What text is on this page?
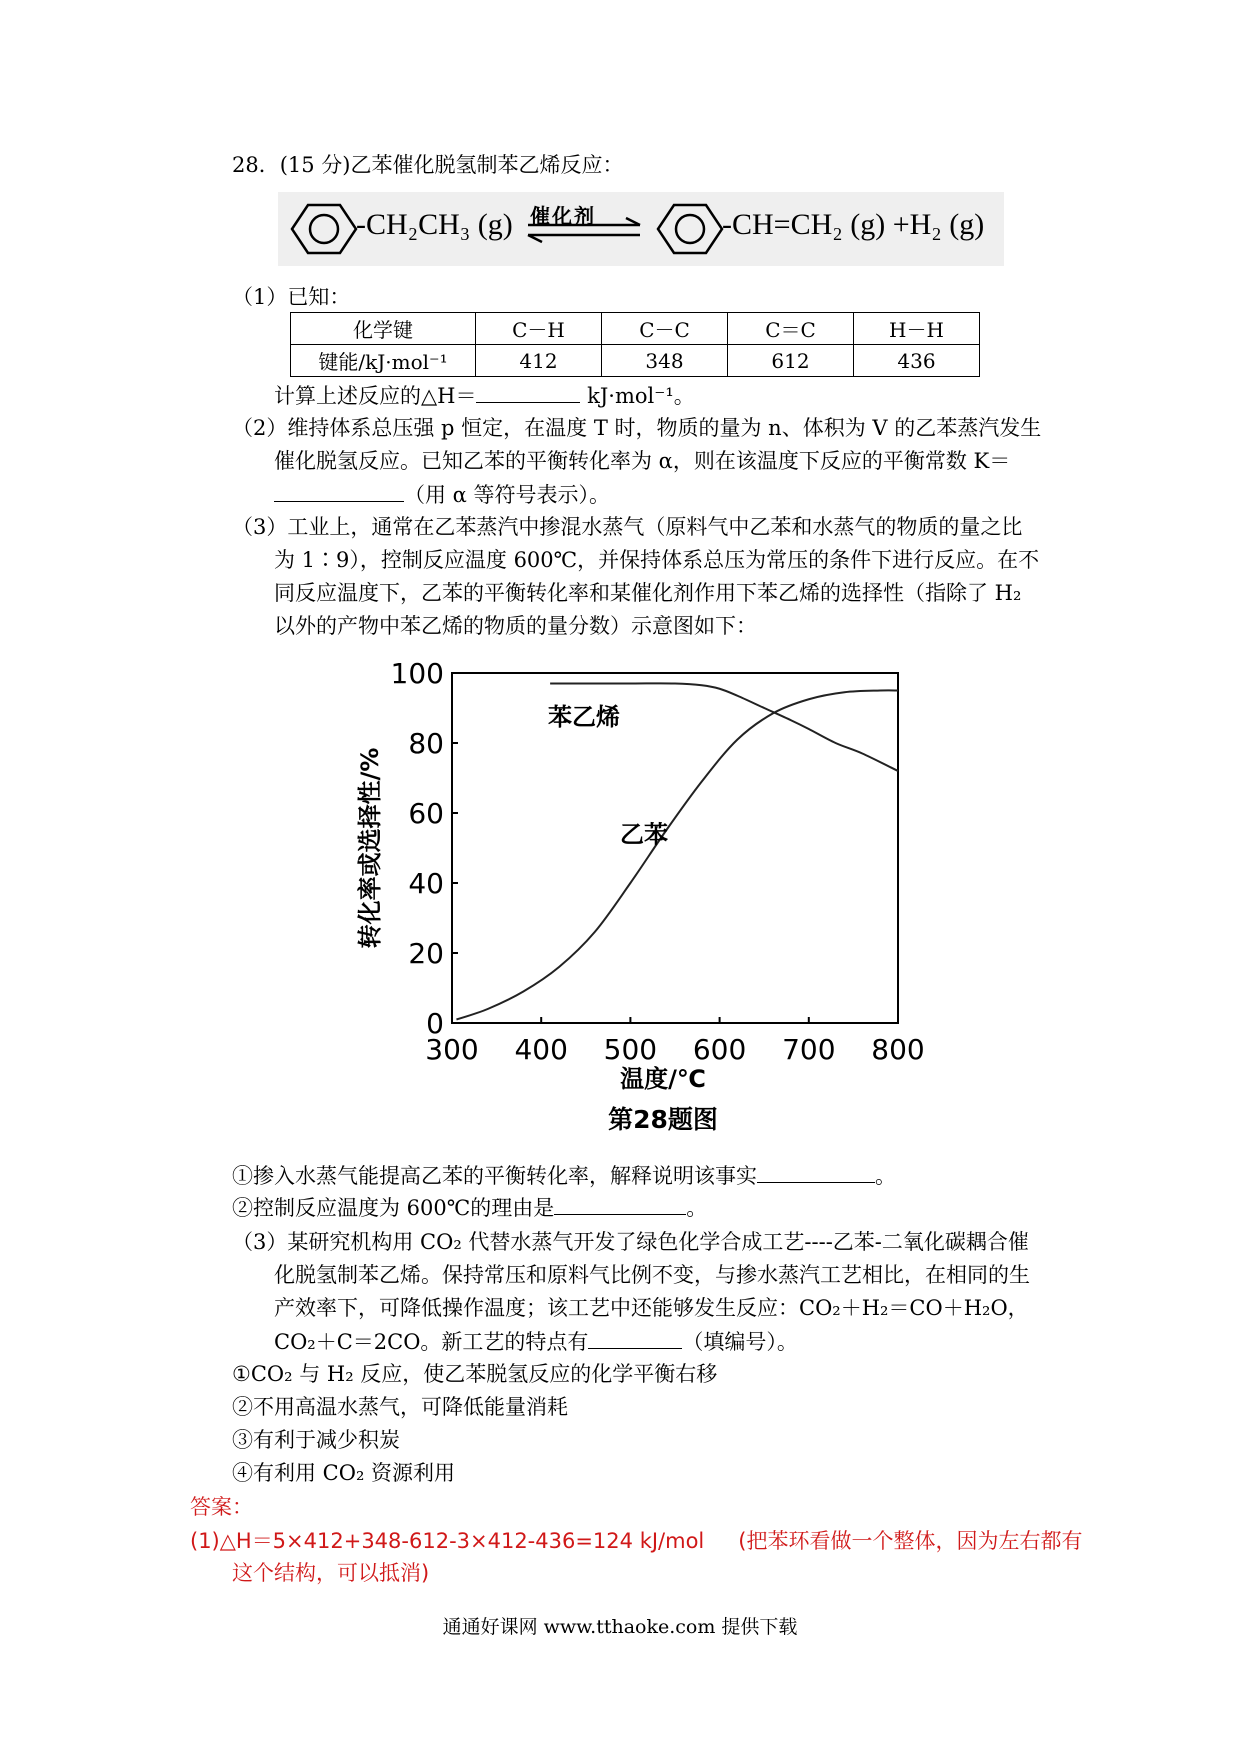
28．(15 分)乙苯催化脱氢制苯乙烯反应：
-CH₂CH₃ (g) 催化剂	-CH=CH₂ (g) +H₂ (g)
（1）已知：
化学键	C－H	C－C	C＝C	H－H
键能/kJ·mol⁻¹	412	348	612	436
计算上述反应的△H＝	kJ·mol⁻¹。
（2）维持体系总压强 p 恒定，在温度 T 时，物质的量为 n、体积为 V 的乙苯蒸汽发生
催化脱氢反应。已知乙苯的平衡转化率为 α，则在该温度下反应的平衡常数 K＝
（用 α 等符号表示）。
（3）工业上，通常在乙苯蒸汽中掺混水蒸气（原料气中乙苯和水蒸气的物质的量之比
为 1∶9），控制反应温度 600℃，并保持体系总压为常压的条件下进行反应。在不
同反应温度下，乙苯的平衡转化率和某催化剂作用下苯乙烯的选择性（指除了 H₂
以外的产物中苯乙烯的物质的量分数）示意图如下：
0
20
40
60
80
100
300 400 500 600 700 800
苯乙烯
乙苯
温度/℃
转化率或选择性/%
第28题图
①掺入水蒸气能提高乙苯的平衡转化率，解释说明该事实	。
②控制反应温度为 600℃的理由是	。
（3）某研究机构用 CO₂ 代替水蒸气开发了绿色化学合成工艺----乙苯-二氧化碳耦合催
化脱氢制苯乙烯。保持常压和原料气比例不变，与掺水蒸汽工艺相比，在相同的生
产效率下，可降低操作温度；该工艺中还能够发生反应：CO₂＋H₂＝CO＋H₂O，
CO₂＋C＝2CO。新工艺的特点有	（填编号）。
①CO₂ 与 H₂ 反应，使乙苯脱氢反应的化学平衡右移
②不用高温水蒸气，可降低能量消耗
③有利于减少积炭
④有利用 CO₂ 资源利用
答案：
(1)△H＝5×412+348-612-3×412-436=124 kJ/mol (把苯环看做一个整体，因为左右都有
这个结构，可以抵消)
通通好课网 www.tthaoke.com 提供下载
